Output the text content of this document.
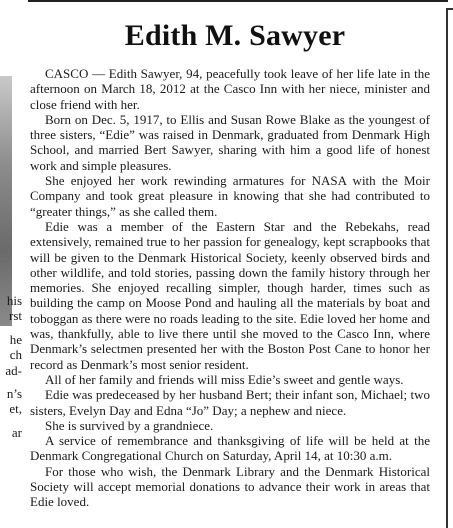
his
rst
he
ch
ad-
n’s
et,
ar
Edith M. Sawyer

CASCO — Edith Sawyer, 94, peacefully took leave of her life late in the afternoon on March 18, 2012 at the Casco Inn with her niece, minister and close friend with her.

Born on Dec. 5, 1917, to Ellis and Susan Rowe Blake as the youngest of three sisters, “Edie” was raised in Denmark, graduated from Denmark High School, and married Bert Sawyer, sharing with him a good life of honest work and simple pleasures.

She enjoyed her work rewinding armatures for NASA with the Moir Company and took great pleasure in knowing that she had contributed to “greater things,” as she called them.

Edie was a member of the Eastern Star and the Rebekahs, read extensively, remained true to her passion for genealogy, kept scrapbooks that will be given to the Denmark Historical Society, keenly observed birds and other wildlife, and told stories, passing down the family history through her memories. She enjoyed recalling simpler, though harder, times such as building the camp on Moose Pond and hauling all the materials by boat and toboggan as there were no roads leading to the site. Edie loved her home and was, thankfully, able to live there until she moved to the Casco Inn, where Denmark’s selectmen presented her with the Boston Post Cane to honor her record as Denmark’s most senior resident.

All of her family and friends will miss Edie’s sweet and gentle ways.

Edie was predeceased by her husband Bert; their infant son, Michael; two sisters, Evelyn Day and Edna “Jo” Day; a nephew and niece.

She is survived by a grandniece.

A service of remembrance and thanksgiving of life will be held at the Denmark Congregational Church on Saturday, April 14, at 10:30 a.m.

For those who wish, the Denmark Library and the Denmark Historical Society will accept memorial donations to advance their work in areas that Edie loved.
